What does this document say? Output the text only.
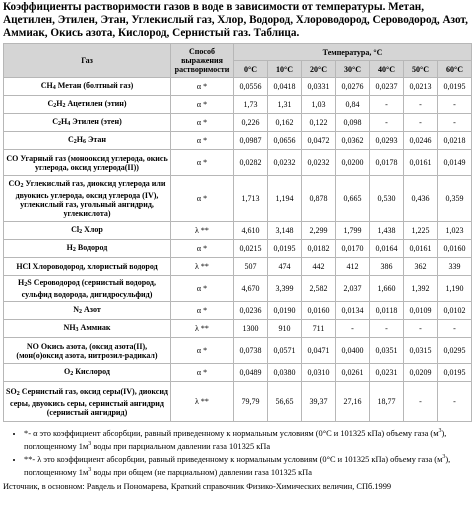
Коэффициенты растворимости газов в воде в зависимости от температуры. Метан, Ацетилен, Этилен, Этан, Углекислый газ, Хлор, Водород, Хлороводород, Сероводород, Азот, Аммиак, Окись азота, Кислород, Сернистый газ. Таблица.
Газ	Способ выражения растворимости	Температура, °С						
		0°С	10°С	20°С	30°С	40°С	50°С	60°С
CH4 Метан (болтный газ)	α *	0,0556	0,0418	0,0331	0,0276	0,0237	0,0213	0,0195
C2H2 Ацетилен (этин)	α *	1,73	1,31	1,03	0,84	-	-	-
C2H4 Этилен (этен)	α *	0,226	0,162	0,122	0,098	-	-	-
C2H6 Этан	α *	0,0987	0,0656	0,0472	0,0362	0,0293	0,0246	0,0218
CO Угарный газ (монооксид углерода, окись углерода, оксид углерода(II))	α *	0,0282	0,0232	0,0232	0,0200	0,0178	0,0161	0,0149
CO2 Углекислый газ, диоксид углерода или двуокись углерода, оксид углерода (IV), углекислый газ, угольный ангидрид, углекислота)	α *	1,713	1,194	0,878	0,665	0,530	0,436	0,359
Cl2 Хлор	λ **	4,610	3,148	2,299	1,799	1,438	1,225	1,023
H2 Водород	α *	0,0215	0,0195	0,0182	0,0170	0,0164	0,0161	0,0160
HCl Хлороводород, хлористый водород	λ **	507	474	442	412	386	362	339
H2S Сероводород (сернистый водород, сульфид водорода, дигидросульфид)	α *	4,670	3,399	2,582	2,037	1,660	1,392	1,190
N2 Азот	α *	0,0236	0,0190	0,0160	0,0134	0,0118	0,0109	0,0102
NH3 Аммиак	λ **	1300	910	711	-	-	-	-
NO Окись азота, (оксид азота(II), (мон(о)оксид азота, нитрозил-радикал)	α *	0,0738	0,0571	0,0471	0,0400	0,0351	0,0315	0,0295
O2 Кислород	α *	0,0489	0,0380	0,0310	0,0261	0,0231	0,0209	0,0195
SO2 Сернистый газ, оксид серы(IV), диоксид серы, двуокись серы, сернистый ангидрид (сернистый ангидрид)	λ **	79,79	56,65	39,37	27,16	18,77	-	-
• *- α это коэффициент абсорбции, равный приведенному к нормальным условиям (0°С и 101325 кПа) объему газа $(м^3)$, поглощенному $1м^3$ воды при парциальном давлении газа 101325 кПа
• **- λ это коэффициент абсорбции, равный приведенному к нормальным условиям (0°С и 101325 кПа) объему газа $(м^3)$, поглощенному $1м^3$ воды при общем (не парциальном) давлении газа 101325 кПа
Источник, в основном: Равдель и Пономарева, Краткий справочник Физико-Химических величин, СПб.1999
